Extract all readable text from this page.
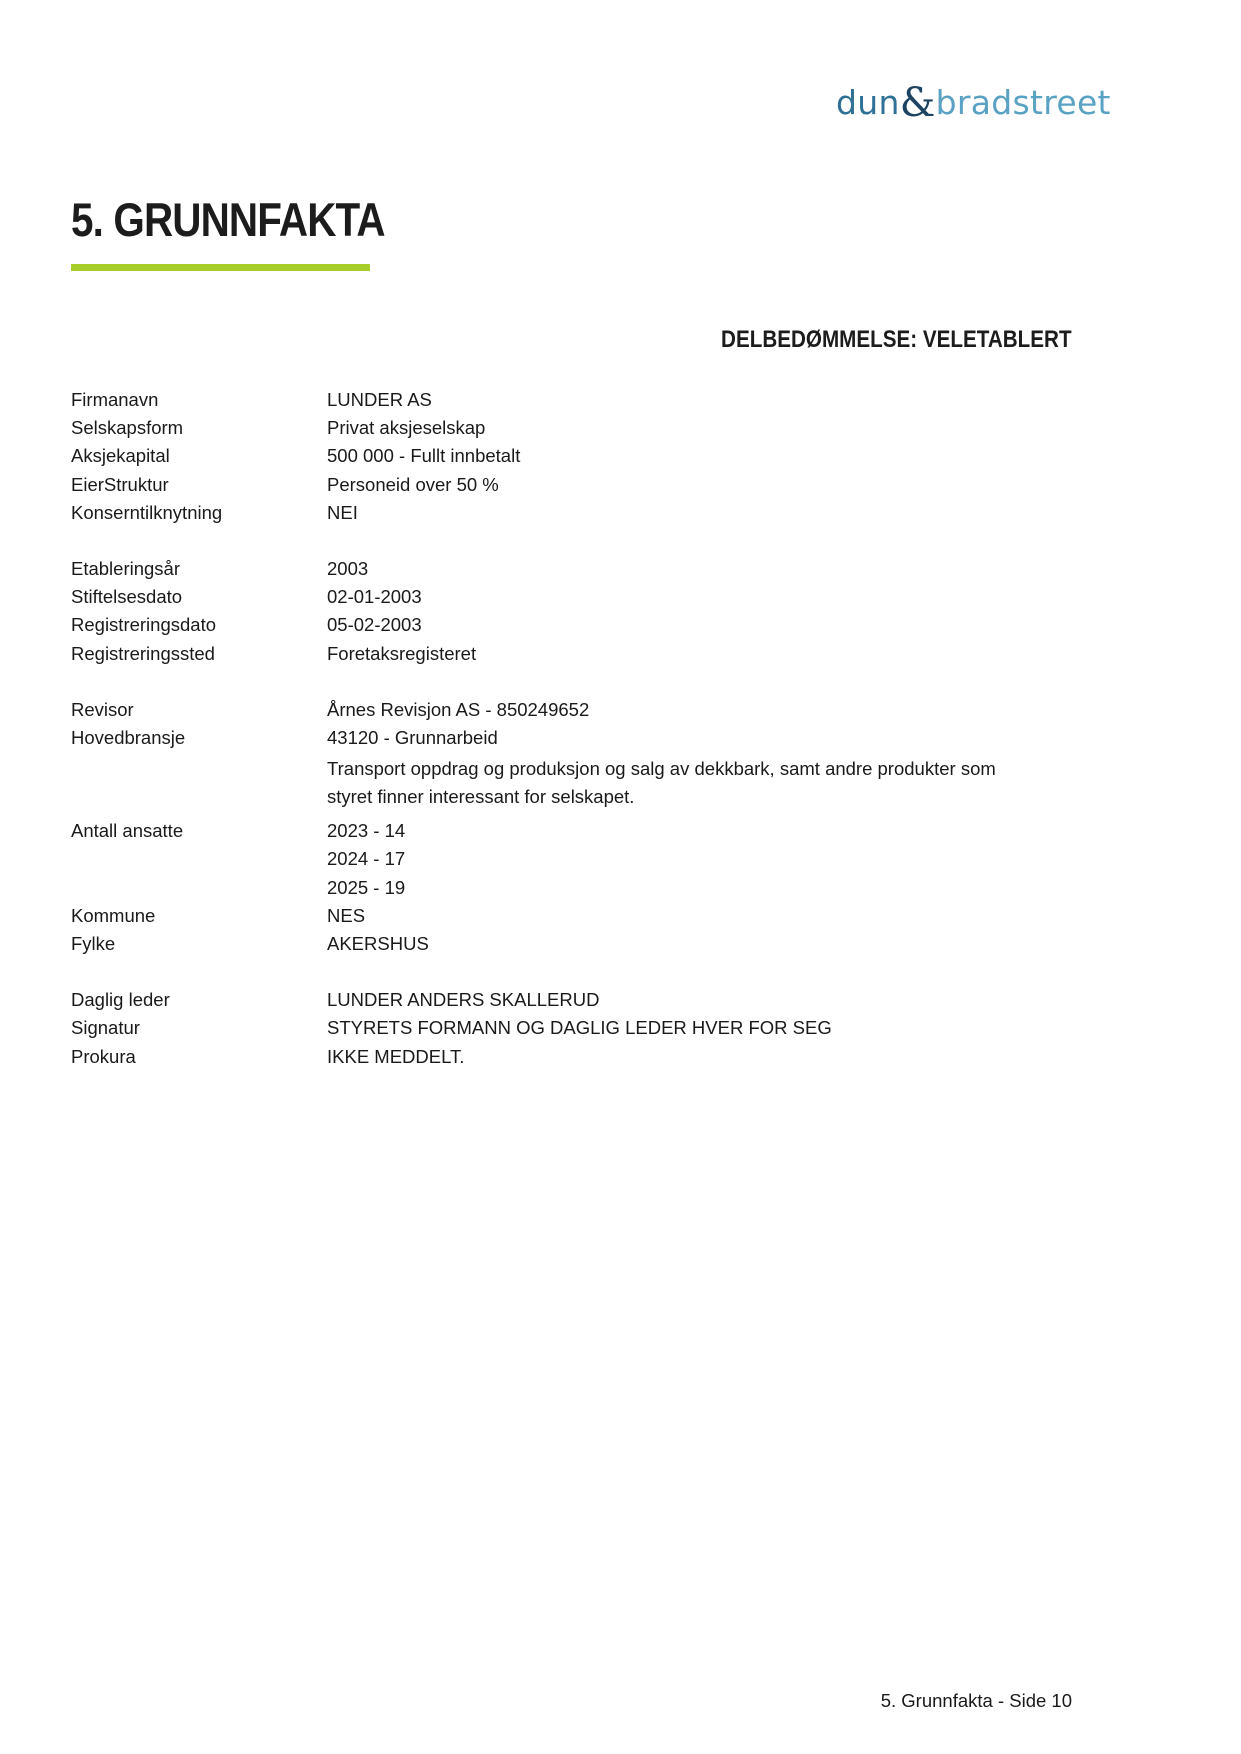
dun&bradstreet
5. GRUNNFAKTA
DELBEDØMMELSE: VELETABLERT
Firmanavn	LUNDER AS
Selskapsform	Privat aksjeselskap
Aksjekapital	500 000 - Fullt innbetalt
EierStruktur	Personeid over 50 %
Konserntilknytning	NEI
Etableringsår	2003
Stiftelsesdato	02-01-2003
Registreringsdato	05-02-2003
Registreringssted	Foretaksregisteret
Revisor	Årnes Revisjon AS - 850249652
Hovedbransje	43120 - Grunnarbeid
Transport oppdrag og produksjon og salg av dekkbark, samt andre produkter som styret finner interessant for selskapet.
Antall ansatte	2023 - 14
2024 - 17
2025 - 19
Kommune	NES
Fylke	AKERSHUS
Daglig leder	LUNDER ANDERS SKALLERUD
Signatur	STYRETS FORMANN OG DAGLIG LEDER HVER FOR SEG
Prokura	IKKE MEDDELT.
5. Grunnfakta - Side 10
